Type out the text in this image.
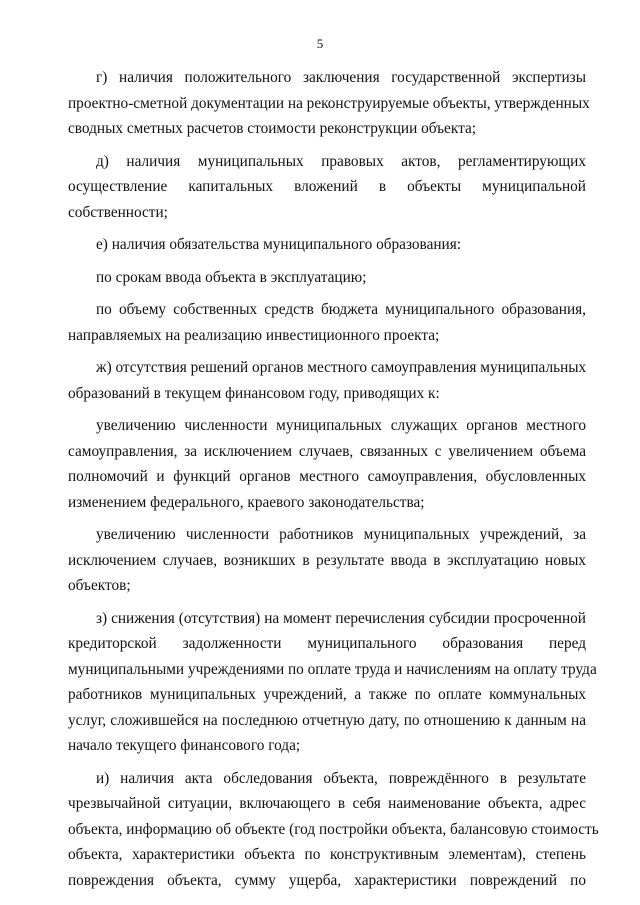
5
г) наличия положительного заключения государственной экспертизы
проектно-сметной документации на реконструируемые объекты, утвержденных
сводных сметных расчетов стоимости реконструкции объекта;
д) наличия муниципальных правовых актов, регламентирующих
осуществление капитальных вложений в объекты муниципальной
собственности;
е) наличия обязательства муниципального образования:
по срокам ввода объекта в эксплуатацию;
по объему собственных средств бюджета муниципального образования,
направляемых на реализацию инвестиционного проекта;
ж) отсутствия решений органов местного самоуправления муниципальных
образований в текущем финансовом году, приводящих к:
увеличению численности муниципальных служащих органов местного
самоуправления, за исключением случаев, связанных с увеличением объема
полномочий и функций органов местного самоуправления, обусловленных
изменением федерального, краевого законодательства;
увеличению численности работников муниципальных учреждений, за
исключением случаев, возникших в результате ввода в эксплуатацию новых
объектов;
з) снижения (отсутствия) на момент перечисления субсидии просроченной
кредиторской задолженности муниципального образования перед
муниципальными учреждениями по оплате труда и начислениям на оплату труда
работников муниципальных учреждений, а также по оплате коммунальных
услуг, сложившейся на последнюю отчетную дату, по отношению к данным на
начало текущего финансового года;
и) наличия акта обследования объекта, повреждённого в результате
чрезвычайной ситуации, включающего в себя наименование объекта, адрес
объекта, информацию об объекте (год постройки объекта, балансовую стоимость
объекта, характеристики объекта по конструктивным элементам), степень
повреждения объекта, сумму ущерба, характеристики повреждений по
